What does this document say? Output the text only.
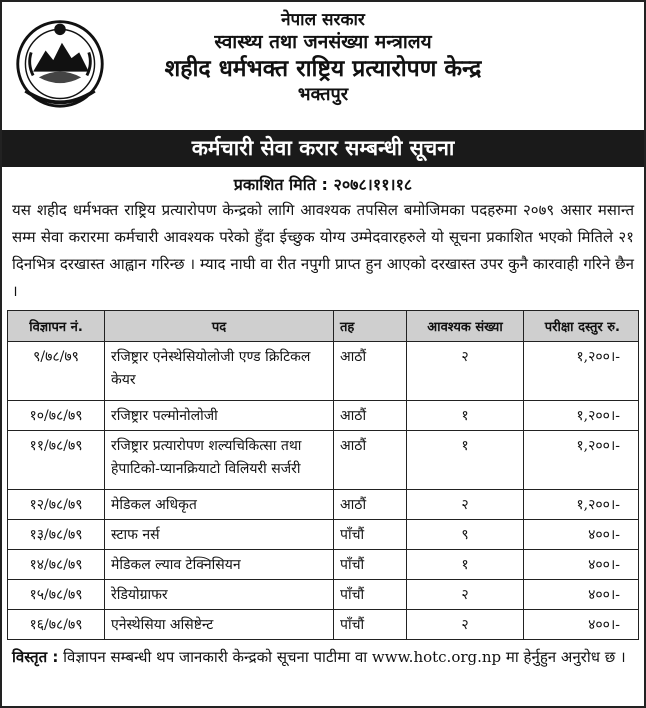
नेपाल सरकार
स्वास्थ्य तथा जनसंख्या मन्त्रालय
शहीद धर्मभक्त राष्ट्रिय प्रत्यारोपण केन्द्र
भक्तपुर
कर्मचारी सेवा करार सम्बन्धी सूचना
प्रकाशित मिति : २०७८।११।१८
यस शहीद धर्मभक्त राष्ट्रिय प्रत्यारोपण केन्द्रको लागि आवश्यक तपसिल बमोजिमका पदहरुमा २०७९ असार मसान्त सम्म सेवा करारमा कर्मचारी आवश्यक परेको हुँदा ईच्छुक योग्य उम्मेदवारहरुले यो सूचना प्रकाशित भएको मितिले २१ दिनभित्र दरखास्त आह्वान गरिन्छ । म्याद नाघी वा रीत नपुगी प्राप्त हुन आएको दरखास्त उपर कुनै कारवाही गरिने छैन ।
विज्ञापन नं.	पद	तह	आवश्यक संख्या	परीक्षा दस्तुर रु.
९/७८/७९	रजिष्ट्रार एनेस्थेसियोलोजी एण्ड क्रिटिकल केयर	आठौं	२	१,२००।-
१०/७८/७९	रजिष्ट्रार पल्मोनोलोजी	आठौं	१	१,२००।-
११/७८/७९	रजिष्ट्रार प्रत्यारोपण शल्यचिकित्सा तथा हेपाटिको-प्यानक्रियाटो विलियरी सर्जरी	आठौं	१	१,२००।-
१२/७८/७९	मेडिकल अधिकृत	आठौं	२	१,२००।-
१३/७८/७९	स्टाफ नर्स	पाँचौं	९	४००।-
१४/७८/७९	मेडिकल ल्याव टेक्निसियन	पाँचौं	१	४००।-
१५/७८/७९	रेडियोग्राफर	पाँचौं	२	४००।-
१६/७८/७९	एनेस्थेसिया असिष्टेन्ट	पाँचौं	२	४००।-
विस्तृत : विज्ञापन सम्बन्धी थप जानकारी केन्द्रको सूचना पाटीमा वा www.hotc.org.np मा हेर्नुहुन अनुरोध छ ।
